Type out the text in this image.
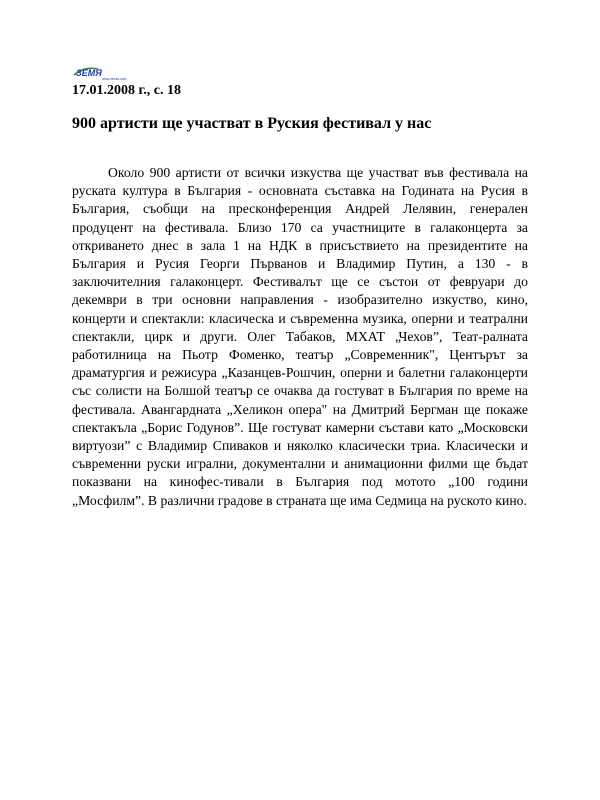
ЗЕМЯ
www.zemia.com
17.01.2008 г., с. 18
900 артисти ще участват в Руския фестивал у нас
Около 900 артисти от всички изкуства ще участват във фестивала на руската култура в България - основната съставка на Годината на Русия в България, съобщи на пресконференция Андрей Лелявин, генерален продуцент на фестивала. Близо 170 са участниците в галаконцерта за откриването днес в зала 1 на НДК в присъствието на президентите на България и Русия Георги Първанов и Владимир Путин, а 130 - в заключителния галаконцерт. Фестивалът ще се състои от февруари до декември в три основни направления - изобразително изкуство, кино, концерти и спектакли: класическа и съвременна музика, оперни и театрални спектакли, цирк и други. Олег Табаков, МХАТ „Чехов”, Теат-ралната работилница на Пьотр Фоменко, театър „Современник", Центърът за драматургия и режисура „Казанцев-Рошчин, оперни и балетни галаконцерти със солисти на Болшой театър се очаква да гостуват в България по време на фестивала. Авангардната „Хеликон опера" на Дмитрий Бергман ще покаже спектакъла „Борис Годунов”. Ще гостуват камерни състави като „Московски виртуози” с Владимир Спиваков и няколко класически триа. Класически и съвременни руски игрални, документални и анимационни филми ще бъдат показвани на кинофес-тивали в България под мотото „100 години „Мосфилм”. В различни градове в страната ще има Седмица на руското кино.
